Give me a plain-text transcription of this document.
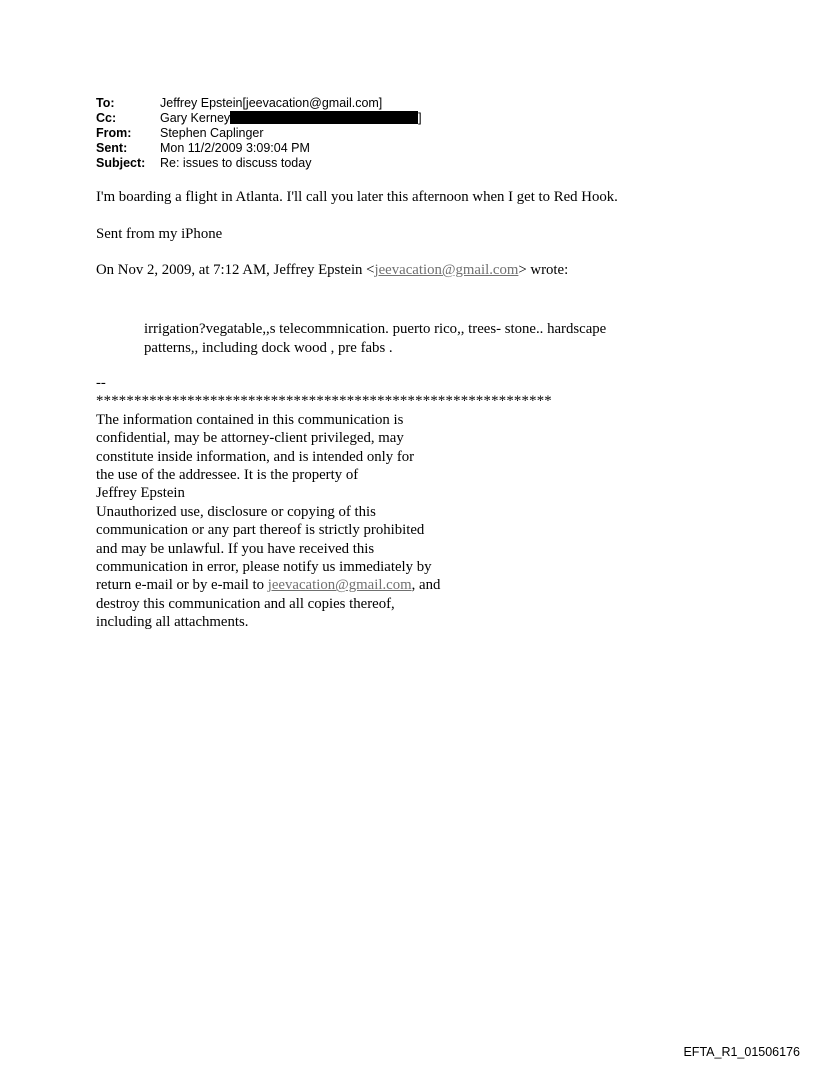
To:	Jeffrey Epstein[jeevacation@gmail.com]
Cc:	Gary Kerney	]
From:	Stephen Caplinger
Sent:	Mon 11/2/2009 3:09:04 PM
Subject:	Re: issues to discuss today
I'm boarding a flight in Atlanta. I'll call you later this afternoon when I get to Red Hook.
Sent from my iPhone
On Nov 2, 2009, at 7:12 AM, Jeffrey Epstein <jeevacation@gmail.com> wrote:
irrigation?vegatable,,s telecommnication. puerto rico,, trees- stone.. hardscape
patterns,, including dock wood , pre fabs .
--
************************************************************
The information contained in this communication is
confidential, may be attorney-client privileged, may
constitute inside information, and is intended only for
the use of the addressee. It is the property of
Jeffrey Epstein
Unauthorized use, disclosure or copying of this
communication or any part thereof is strictly prohibited
and may be unlawful. If you have received this
communication in error, please notify us immediately by
return e-mail or by e-mail to jeevacation@gmail.com, and
destroy this communication and all copies thereof,
including all attachments.
EFTA_R1_01506176
